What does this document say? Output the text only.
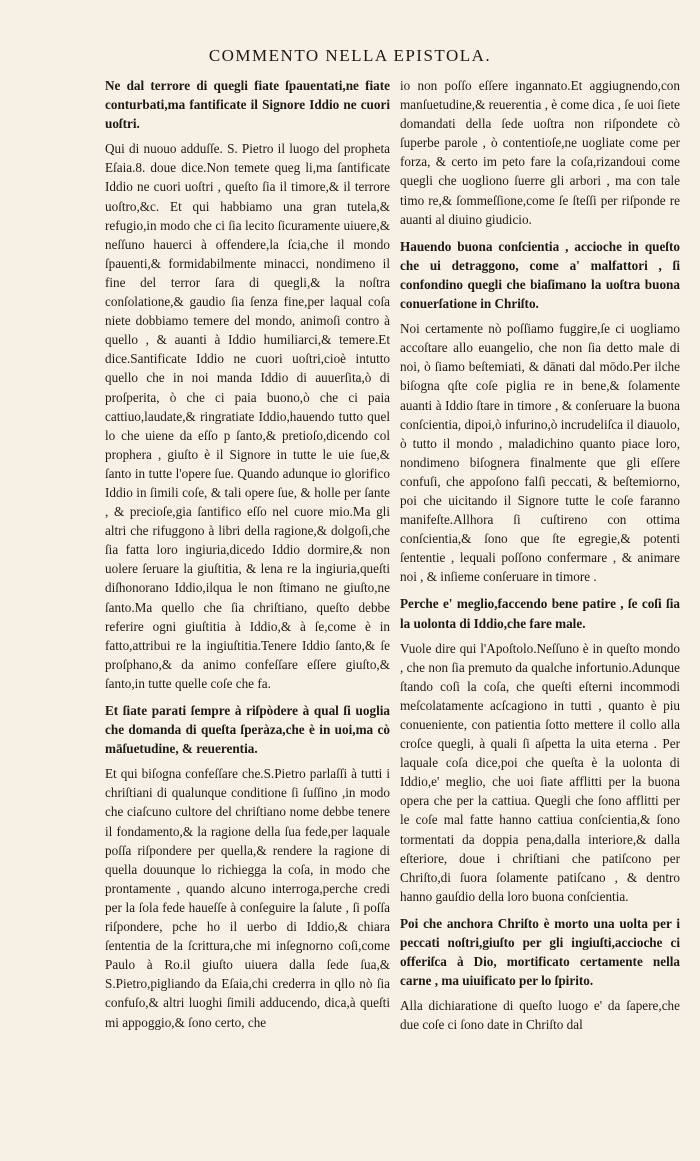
COMMENTO NELLA EPISTOLA.

Ne dal terrore di quegli fiate ſpauentati,ne fiate conturbati,ma fantificate il Signore Iddio ne cuori uoſtri.

Qui di nuouo adduſſe. S. Pietro il luogo del propheta Eſaia.8. doue dice.Non temete queg li,ma ſantificate Iddio ne cuori uoſtri , queſto ſia il timore,& il terrore uoſtro,&c. Et qui habbiamo una gran tutela,& refugio,in modo che ci ſia lecito ſicuramente uiuere,& neſſuno hauerci à offendere,la ſcia,che il mondo ſpauenti,& formidabilmente minacci, nondimeno il fine del terror ſara di quegli,& la noſtra conſolatione,& gaudio ſia ſenza fine,per laqual coſa niete dobbiamo temere del mondo, animoſi contro à quello , & auanti à Iddio humiliarci,& temere.Et dice.Santificate Iddio ne cuori uoſtri,cioè intutto quello che in noi manda Iddio di auuerſita,ò di proſperita, ò che ci paia buono,ò che ci paia cattiuo,laudate,& ringratiate Iddio,hauendo tutto quel lo che uiene da eſſo p ſanto,& pretioſo,dicendo col prophera , giuſto è il Signore in tutte le uie ſue,& ſanto in tutte l'opere ſue. Quando adunque io glorifico Iddio in ſimili coſe, & tali opere ſue, & holle per ſante , & precioſe,gia ſantifico eſſo nel cuore mio.Ma gli altri che rifuggono à libri della ragione,& dolgoſi,che ſia fatta loro ingiuria,dicedo Iddio dormire,& non uolere ſeruare la giuſtitia, & lena re la ingiuria,queſti diſhonorano Iddio,ilqua le non ſtimano ne giuſto,ne ſanto.Ma quello che ſia chriſtiano, queſto debbe referire ogni giuſtitia à Iddio,& à ſe,come è in fatto,attribui re la ingiuſtitia.Tenere Iddio ſanto,& ſe proſphano,& da animo confeſſare eſſere giuſto,& ſanto,in tutte quelle coſe che fa.

Et ſiate parati ſempre à riſpòdere à qual ſi uoglia che domanda di queſta ſperàza,che è in uoi,ma cò māſuetudine, & reuerentia.

Et qui biſogna confeſſare che.S.Pietro parlaſſi à tutti i chriſtiani di qualunque conditione ſi ſuſſino ,in modo che ciaſcuno cultore del chriſtiano nome debbe tenere il fondamento,& la ragione della ſua fede,per laquale poſſa riſpondere per quella,& rendere la ragione di quella douunque lo richiegga la coſa, in modo che prontamente , quando alcuno interroga,perche credi per la ſola fede haueſſe à conſeguire la ſalute , ſi poſſa riſpondere, pche ho il uerbo di Iddio,& chiara ſententia de la ſcrittura,che mi inſegnorno coſi,come Paulo à Ro.il giuſto uiuera dalla ſede ſua,& S.Pietro,pigliando da Eſaia,chi crederra in qllo nò ſia confuſo,& altri luoghi ſimili adducendo, dica,à queſti mi appoggio,& ſono certo, che

io non poſſo eſſere ingannato.Et aggiugnendo,con manſuetudine,& reuerentia , è come dica , ſe uoi ſiete domandati della ſede uoſtra non riſpondete cò ſuperbe parole , ò contentioſe,ne uogliate come per forza, & certo im peto fare la coſa,rizandoui come quegli che uogliono ſuerre gli arbori , ma con tale timo re,& ſommeſſione,come ſe ſteſſi per riſponde re auanti al diuino giudicio.

Hauendo buona conſcientia , accioche in queſto che ui detraggono, come a' malfattori , ſi confondino quegli che biaſimano la uoſtra buona conuerſatione in Chriſto.

Noi certamente nò poſſiamo fuggire,ſe ci uogliamo accoſtare allo euangelio, che non ſia detto male di noi, ò ſiamo beſtemiati, & dānati dal mōdo.Per ilche biſogna qſte coſe piglia re in bene,& ſolamente auanti à Iddio ſtare in timore , & conſeruare la buona conſcientia, dipoi,ò infurino,ò incrudeliſca il diauolo, ò tutto il mondo , maladichino quanto piace loro, nondimeno biſognera finalmente que gli eſſere confuſi, che appoſono falſi peccati, & beſtemiorno, poi che uicitando il Signore tutte le coſe faranno manifeſte.Allhora ſi cuſtireno con ottima conſcientia,& ſono que ſte egregie,& potenti ſententie , lequali poſſono confermare , & animare noi , & inſieme conſeruare in timore .

Perche e' meglio,faccendo bene patire , ſe coſi ſia la uolonta di Iddio,che fare male.

Vuole dire qui l'Apoſtolo.Neſſuno è in queſto mondo , che non ſia premuto da qualche infortunio.Adunque ſtando coſi la coſa, che queſti eſterni incommodi meſcolatamente acſcagiono in tutti , quanto è piu conueniente, con patientia ſotto mettere il collo alla croſce quegli, à quali ſi aſpetta la uita eterna . Per laquale coſa dice,poi che queſta è la uolonta di Iddio,e' meglio, che uoi ſiate afflitti per la buona opera che per la cattiua. Quegli che ſono afflitti per le coſe mal fatte hanno cattiua conſcientia,& ſono tormentati da doppia pena,dalla interiore,& dalla eſteriore, doue i chriſtiani che patiſcono per Chriſto,di ſuora ſolamente patiſcano , & dentro hanno gauſdio della loro buona conſcientia.

Poi che anchora Chriſto è morto una uolta per i peccati noſtri,giuſto per gli ingiuſti,accioche ci offeriſca à Dio, mortificato certamente nella carne , ma uiuificato per lo ſpirito.

Alla dichiaratione di queſto luogo e' da ſapere,che due coſe ci ſono date in Chriſto dal
